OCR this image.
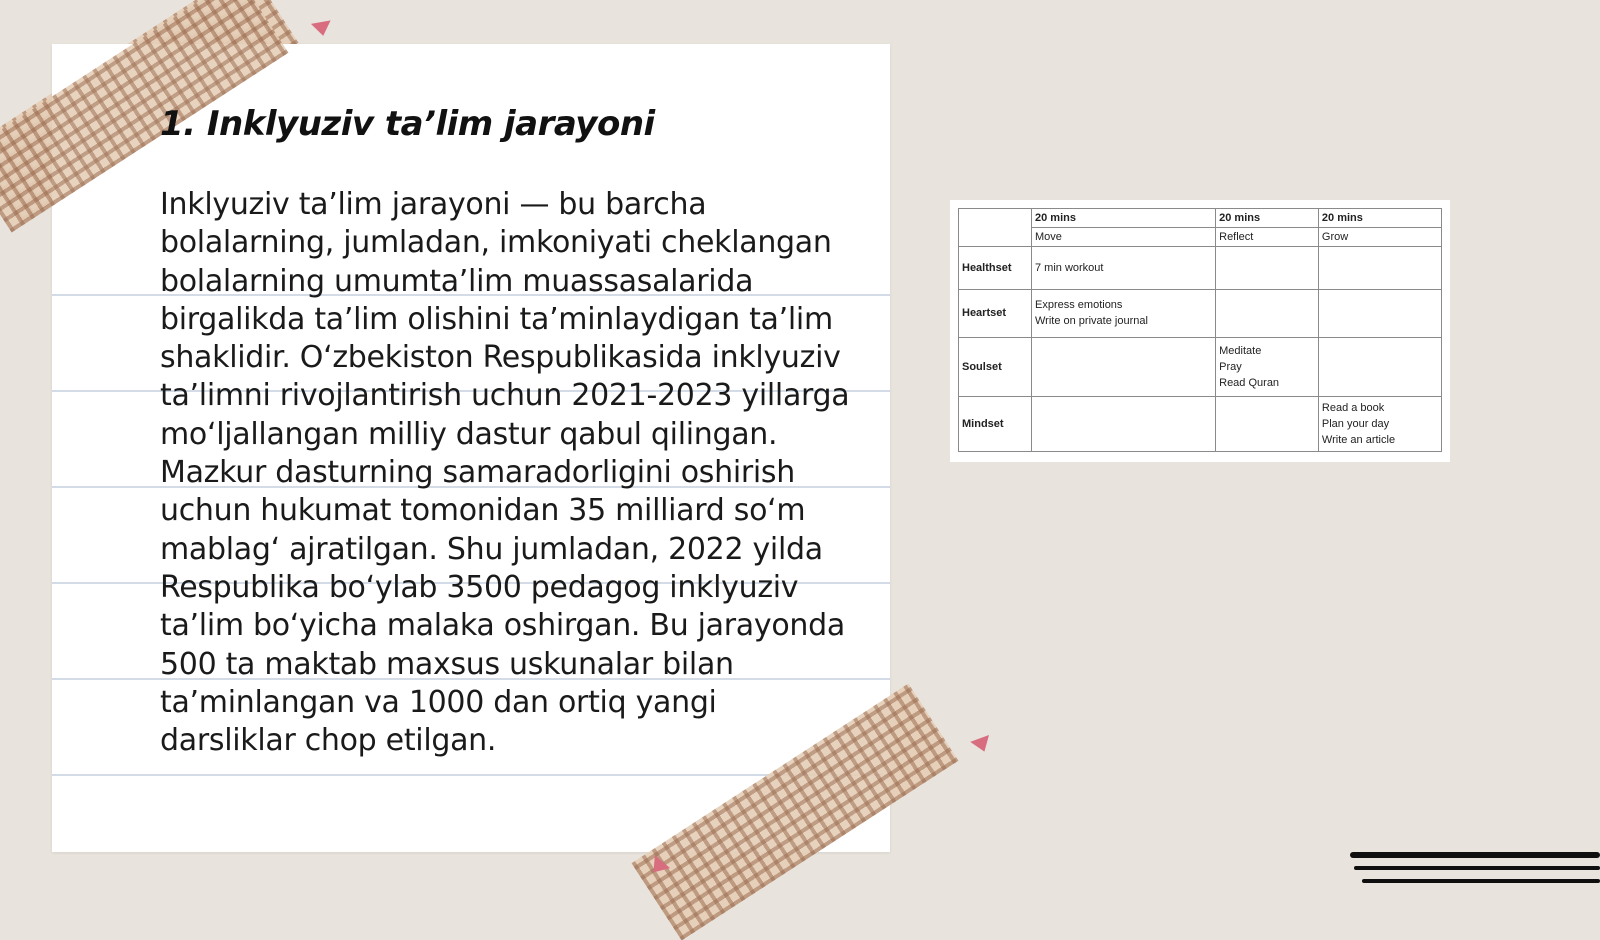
1. Inklyuziv ta’lim jarayoni

Inklyuziv ta’lim jarayoni — bu barcha bolalarning, jumladan, imkoniyati cheklangan bolalarning umumta’lim muassasalarida birgalikda ta’lim olishini ta’minlaydigan ta’lim shaklidir. O‘zbekiston Respublikasida inklyuziv ta’limni rivojlantirish uchun 2021-2023 yillarga mo‘ljallangan milliy dastur qabul qilingan. Mazkur dasturning samaradorligini oshirish uchun hukumat tomonidan 35 milliard so‘m mablag‘ ajratilgan. Shu jumladan, 2022 yilda Respublika bo‘ylab 3500 pedagog inklyuziv ta’lim bo‘yicha malaka oshirgan. Bu jarayonda 500 ta maktab maxsus uskunalar bilan ta’minlangan va 1000 dan ortiq yangi darsliklar chop etilgan.

	20 mins	20 mins	20 mins
	Move	Reflect	Grow
Healthset	7 min workout		

Heartset	Express emotions
Write on private journal		

Soulset		Meditate
Pray
Read Quran	

Mindset			Read a book
Plan your day
Write an article
